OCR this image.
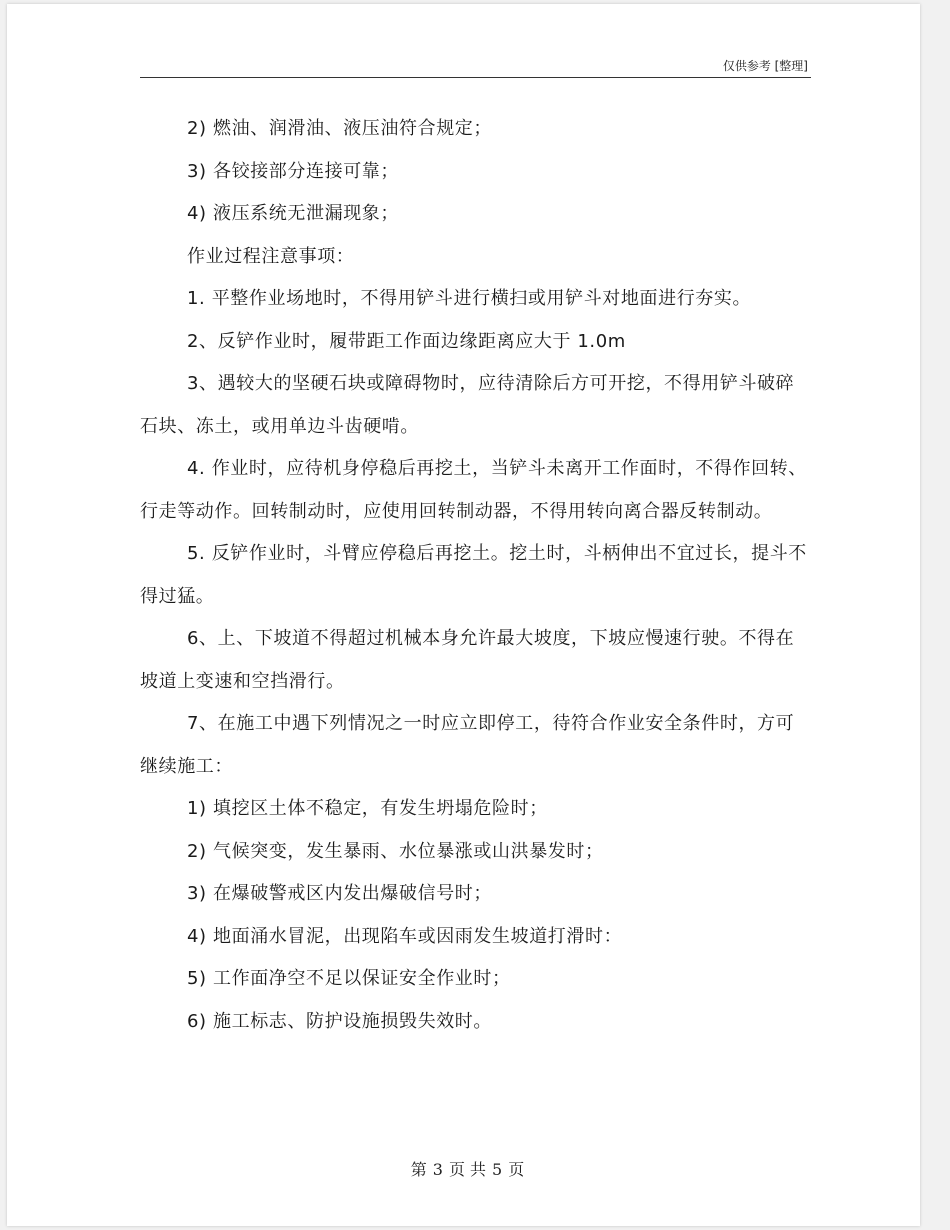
仅供参考 [整理]

2) 燃油、润滑油、液压油符合规定；

3) 各铰接部分连接可靠；

4) 液压系统无泄漏现象；

作业过程注意事项：

1. 平整作业场地时，不得用铲斗进行横扫或用铲斗对地面进行夯实。

2、反铲作业时，履带距工作面边缘距离应大于 1.0m

3、遇较大的坚硬石块或障碍物时，应待清除后方可开挖，不得用铲斗破碎石块、冻土，或用单边斗齿硬啃。

4. 作业时，应待机身停稳后再挖土，当铲斗未离开工作面时，不得作回转、行走等动作。回转制动时，应使用回转制动器，不得用转向离合器反转制动。

5. 反铲作业时，斗臂应停稳后再挖土。挖土时，斗柄伸出不宜过长，提斗不得过猛。

6、上、下坡道不得超过机械本身允许最大坡度，下坡应慢速行驶。不得在坡道上变速和空挡滑行。

7、在施工中遇下列情况之一时应立即停工，待符合作业安全条件时，方可继续施工：

1) 填挖区土体不稳定，有发生坍塌危险时；

2) 气候突变，发生暴雨、水位暴涨或山洪暴发时；

3) 在爆破警戒区内发出爆破信号时；

4) 地面涌水冒泥，出现陷车或因雨发生坡道打滑时：

5) 工作面净空不足以保证安全作业时；

6) 施工标志、防护设施损毁失效时。

第 3 页 共 5 页
